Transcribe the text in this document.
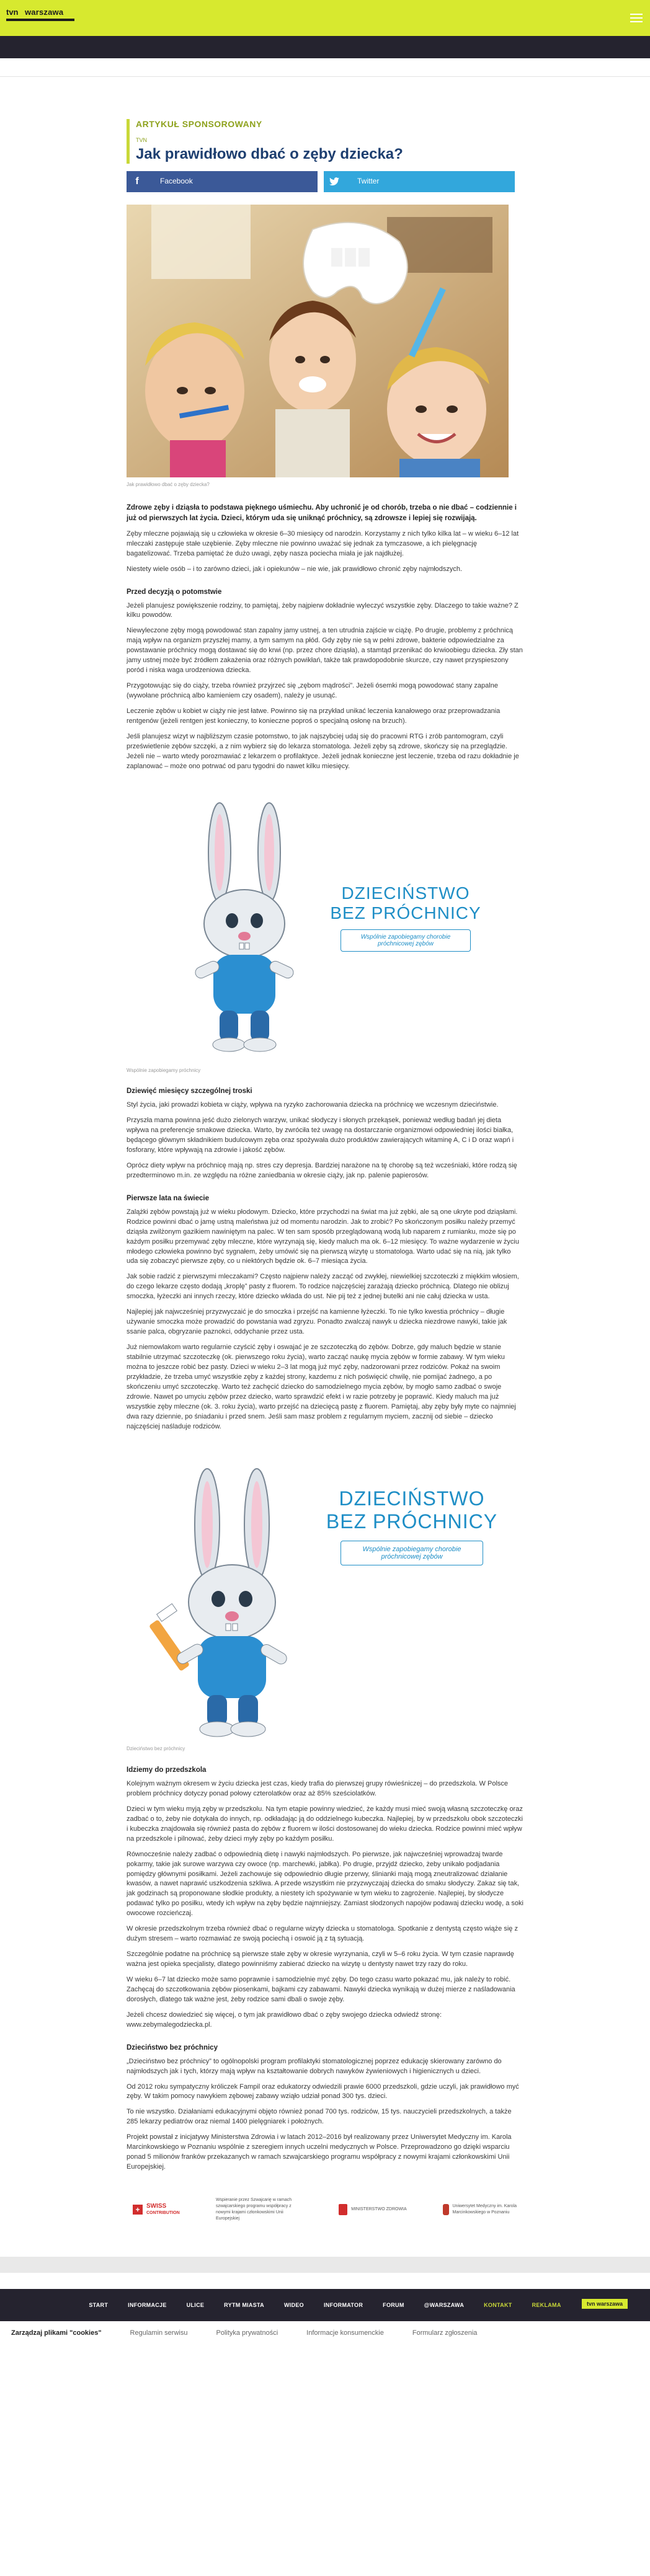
tvn warszawa
ARTYKUŁ SPONSOROWANY
TVN
Jak prawidłowo dbać o zęby dziecka?
f	Facebook	Twitter
Jak prawidłowo dbać o zęby dziecka?

Zdrowe zęby i dziąsła to podstawa pięknego uśmiechu. Aby uchronić je od chorób, trzeba o nie dbać – codziennie i już od pierwszych lat życia. Dzieci, którym uda się uniknąć próchnicy, są zdrowsze i lepiej się rozwijają.

Zęby mleczne pojawiają się u człowieka w okresie 6–30 miesięcy od narodzin. Korzystamy z nich tylko kilka lat – w wieku 6–12 lat mleczaki zastępuje stałe uzębienie. Zęby mleczne nie powinno uważać się jednak za tymczasowe, a ich pielęgnację bagatelizować. Trzeba pamiętać że dużo uwagi, zęby nasza pociecha miała je jak najdłużej.

Niestety wiele osób – i to zarówno dzieci, jak i opiekunów – nie wie, jak prawidłowo chronić zęby najmłodszych.

Przed decyzją o potomstwie

Jeżeli planujesz powiększenie rodziny, to pamiętaj, żeby najpierw dokładnie wyleczyć wszystkie zęby. Dlaczego to takie ważne? Z kilku powodów.

Niewyleczone zęby mogą powodować stan zapalny jamy ustnej, a ten utrudnia zajście w ciążę. Po drugie, problemy z próchnicą mają wpływ na organizm przyszłej mamy, a tym samym na płód. Gdy zęby nie są w pełni zdrowe, bakterie odpowiedzialne za powstawanie próchnicy mogą dostawać się do krwi (np. przez chore dziąsła), a stamtąd przenikać do krwioobiegu dziecka. Zły stan jamy ustnej może być źródłem zakażenia oraz różnych powikłań, także tak prawdopodobnie skurcze, czy nawet przyspieszony poród i niska waga urodzeniowa dziecka.

Przygotowując się do ciąży, trzeba również przyjrzeć się „zębom mądrości”. Jeżeli ósemki mogą powodować stany zapalne (wywołane próchnicą albo kamieniem czy osadem), należy je usunąć.

Leczenie zębów u kobiet w ciąży nie jest łatwe. Powinno się na przykład unikać leczenia kanałowego oraz przeprowadzania rentgenów (jeżeli rentgen jest konieczny, to konieczne poproś o specjalną osłonę na brzuch).

Jeśli planujesz wizyt w najbliższym czasie potomstwo, to jak najszybciej udaj się do pracowni RTG i zrób pantomogram, czyli prześwietlenie zębów szczęki, a z nim wybierz się do lekarza stomatologa. Jeżeli zęby są zdrowe, skończy się na przeglądzie. Jeżeli nie – warto wtedy porozmawiać z lekarzem o profilaktyce. Jeżeli jednak konieczne jest leczenie, trzeba od razu dokładnie je zaplanować – może ono potrwać od paru tygodni do nawet kilku miesięcy.

DZIECIŃSTWO
BEZ PRÓCHNICY
Wspólnie zapobiegamy chorobie próchnicowej zębów
Wspólnie zapobiegamy próchnicy
Dziewięć miesięcy szczególnej troski

Styl życia, jaki prowadzi kobieta w ciąży, wpływa na ryzyko zachorowania dziecka na próchnicę we wczesnym dzieciństwie.

Przyszła mama powinna jeść dużo zielonych warzyw, unikać słodyczy i słonych przekąsek, ponieważ według badań jej dieta wpływa na preferencje smakowe dziecka. Warto, by zwróciła też uwagę na dostarczanie organizmowi odpowiedniej ilości białka, będącego głównym składnikiem budulcowym zęba oraz spożywała dużo produktów zawierających witaminę A, C i D oraz wapń i fosforany, które wpływają na zdrowie i jakość zębów.

Oprócz diety wpływ na próchnicę mają np. stres czy depresja. Bardziej narażone na tę chorobę są też wcześniaki, które rodzą się przedterminowo m.in. ze względu na różne zaniedbania w okresie ciąży, jak np. palenie papierosów.

Pierwsze lata na świecie

Zalążki zębów powstają już w wieku płodowym. Dziecko, które przychodzi na świat ma już zębki, ale są one ukryte pod dziąsłami. Rodzice powinni dbać o jamę ustną maleństwa już od momentu narodzin. Jak to zrobić? Po skończonym posiłku należy przemyć dziąsła zwilżonym gazikiem nawiniętym na palec. W ten sam sposób przeglądowaną wodą lub naparem z rumianku, może się po każdym posiłku przemywać zęby mleczne, które wyrzynają się, kiedy maluch ma ok. 6–12 miesięcy. To ważne wydarzenie w życiu młodego człowieka powinno być sygnałem, żeby umówić się na pierwszą wizytę u stomatologa. Warto udać się na nią, jak tylko uda się zobaczyć pierwsze zęby, co u niektórych będzie ok. 6–7 miesiąca życia.

Jak sobie radzić z pierwszymi mleczakami? Często najpierw należy zacząć od zwykłej, niewielkiej szczoteczki z miękkim włosiem, do czego lekarze często dodają „kroplę” pasty z fluorem. To rodzice najczęściej zarażają dziecko próchnicą. Dlatego nie oblizuj smoczka, łyżeczki ani innych rzeczy, które dziecko wkłada do ust. Nie pij też z jednej butelki ani nie całuj dziecka w usta.

Najlepiej jak najwcześniej przyzwyczaić je do smoczka i przejść na kamienne łyżeczki. To nie tylko kwestia próchnicy – długie używanie smoczka może prowadzić do powstania wad zgryzu. Ponadto zwalczaj nawyk u dziecka niezdrowe nawyki, takie jak ssanie palca, obgryzanie paznokci, oddychanie przez usta.

Już niemowlakom warto regularnie czyścić zęby i oswajać je ze szczoteczką do zębów. Dobrze, gdy maluch będzie w stanie stabilnie utrzymać szczoteczkę (ok. pierwszego roku życia), warto zacząć naukę mycia zębów w formie zabawy. W tym wieku można to jeszcze robić bez pasty. Dzieci w wieku 2–3 lat mogą już myć zęby, nadzorowani przez rodziców. Pokaż na swoim przykładzie, że trzeba umyć wszystkie zęby z każdej strony, kazdemu z nich poświęcić chwilę, nie pomijać żadnego, a po skończeniu umyć szczoteczkę. Warto też zachęcić dziecko do samodzielnego mycia zębów, by mogło samo zadbać o swoje zdrowie. Nawet po umyciu zębów przez dziecko, warto sprawdzić efekt i w razie potrzeby je poprawić. Kiedy maluch ma już wszystkie zęby mleczne (ok. 3. roku życia), warto przejść na dziecięcą pastę z fluorem. Pamiętaj, aby zęby były myte co najmniej dwa razy dziennie, po śniadaniu i przed snem. Jeśli sam masz problem z regularnym myciem, zacznij od siebie – dziecko najczęściej naśladuje rodziców.

DZIECIŃSTWO
BEZ PRÓCHNICY
Wspólnie zapobiegamy chorobie próchnicowej zębów
Dzieciństwo bez próchnicy
Idziemy do przedszkola

Kolejnym ważnym okresem w życiu dziecka jest czas, kiedy trafia do pierwszej grupy rówieśniczej – do przedszkola. W Polsce problem próchnicy dotyczy ponad połowy czterolatków oraz aż 85% sześciolatków.

Dzieci w tym wieku myją zęby w przedszkolu. Na tym etapie powinny wiedzieć, że każdy musi mieć swoją własną szczoteczkę oraz zadbać o to, żeby nie dotykała do innych, np. odkładając ją do oddzielnego kubeczka. Najlepiej, by w przedszkolu obok szczoteczki i kubeczka znajdowała się również pasta do zębów z fluorem w ilości dostosowanej do wieku dziecka. Rodzice powinni mieć wpływ na przedszkole i pilnować, żeby dzieci myły zęby po każdym posiłku.

Równocześnie należy zadbać o odpowiednią dietę i nawyki najmłodszych. Po pierwsze, jak najwcześniej wprowadzaj twarde pokarmy, takie jak surowe warzywa czy owoce (np. marchewki, jabłka). Po drugie, przyjdź dziecko, żeby unikało podjadania pomiędzy głównymi posiłkami. Jeżeli zachowuje się odpowiednio długie przerwy, ślinianki mają mogą zneutralizować działanie kwasów, a nawet naprawić uszkodzenia szkliwa. A przede wszystkim nie przyzwyczajaj dziecka do smaku słodyczy. Zakaz się tak, jak godzinach są proponowane słodkie produkty, a niestety ich spożywanie w tym wieku to zagrożenie. Najlepiej, by słodycze podawać tylko po posiłku, wtedy ich wpływ na zęby będzie najmniejszy. Zamiast słodzonych napojów podawaj dziecku wodę, a soki owocowe rozcieńczaj.

W okresie przedszkolnym trzeba również dbać o regularne wizyty dziecka u stomatologa. Spotkanie z dentystą często wiąże się z dużym stresem – warto rozmawiać ze swoją pociechą i oswoić ją z tą sytuacją.

Szczególnie podatne na próchnicę są pierwsze stałe zęby w okresie wyrzynania, czyli w 5–6 roku życia. W tym czasie naprawdę ważna jest opieka specjalisty, dlatego powinniśmy zabierać dziecko na wizytę u dentysty nawet trzy razy do roku.

W wieku 6–7 lat dziecko może samo poprawnie i samodzielnie myć zęby. Do tego czasu warto pokazać mu, jak należy to robić. Zachęcaj do szczotkowania zębów piosenkami, bajkami czy zabawami. Nawyki dziecka wynikają w dużej mierze z naśladowania dorosłych, dlatego tak ważne jest, żeby rodzice sami dbali o swoje zęby.

Jeżeli chcesz dowiedzieć się więcej, o tym jak prawidłowo dbać o zęby swojego dziecka odwiedź stronę: www.zebymalegodziecka.pl.

Dzieciństwo bez próchnicy

„Dzieciństwo bez próchnicy” to ogólnopolski program profilaktyki stomatologicznej poprzez edukację skierowany zarówno do najmłodszych jak i tych, którzy mają wpływ na kształtowanie dobrych nawyków żywieniowych i higienicznych u dzieci.

Od 2012 roku sympatyczny króliczek Fampil oraz edukatorzy odwiedzili prawie 6000 przedszkoli, gdzie uczyli, jak prawidłowo myć zęby. W takim pomocy nawykiem zębowej zabawy wziąło udział ponad 300 tys. dzieci.

To nie wszystko. Działaniami edukacyjnymi objęto również ponad 700 tys. rodziców, 15 tys. nauczycieli przedszkolnych, a także 285 lekarzy pediatrów oraz niemal 1400 pielęgniarek i położnych.

Projekt powstał z inicjatywy Ministerstwa Zdrowia i w latach 2012–2016 był realizowany przez Uniwersytet Medyczny im. Karola Marcinkowskiego w Poznaniu wspólnie z szeregiem innych uczelni medycznych w Polsce. Przeprowadzono go dzięki wsparciu ponad 5 milionów franków przekazanych w ramach szwajcarskiego programu współpracy z nowymi krajami członkowskimi Unii Europejskiej.

+	SWISS
CONTRIBUTION
Wspieranie przez Szwajcarię w ramach szwajcarskiego programu współpracy z nowymi krajami członkowskimi Unii Europejskiej
MINISTERSTWO ZDROWIA
Uniwersytet Medyczny im. Karola Marcinkowskiego w Poznaniu
START	INFORMACJE	ULICE	RYTM MIASTA	WIDEO	INFORMATOR	FORUM	@WARSZAWA	KONTAKT	REKLAMA	tvn warszawa
Zarządzaj plikami "cookies"	Regulamin serwisu	Polityka prywatności	Informacje konsumenckie	Formularz zgłoszenia
